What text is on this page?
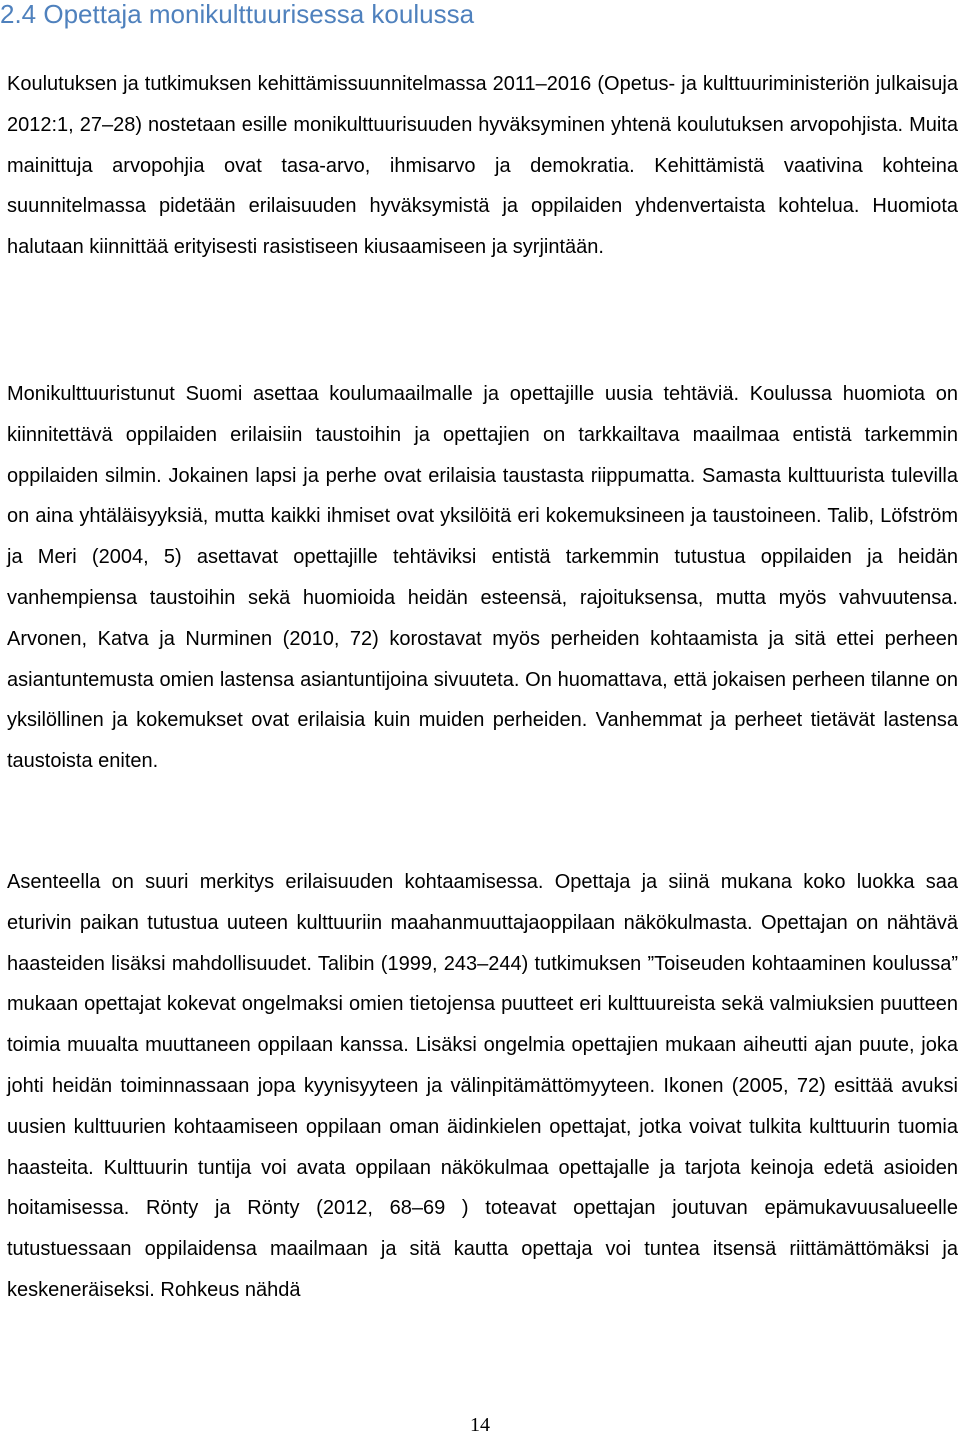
2.4 Opettaja monikulttuurisessa koulussa

Koulutuksen ja tutkimuksen kehittämissuunnitelmassa 2011–2016 (Opetus- ja kulttuuriministeriön julkaisuja 2012:1, 27–28) nostetaan esille monikulttuurisuuden hyväksyminen yhtenä koulutuksen arvopohjista. Muita mainittuja arvopohjia ovat tasa-arvo, ihmisarvo ja demokratia. Kehittämistä vaativina kohteina suunnitelmassa pidetään erilaisuuden hyväksymistä ja oppilaiden yhdenvertaista kohtelua. Huomiota halutaan kiinnittää erityisesti rasistiseen kiusaamiseen ja syrjintään.

Monikulttuuristunut Suomi asettaa koulumaailmalle ja opettajille uusia tehtäviä. Koulussa huomiota on kiinnitettävä oppilaiden erilaisiin taustoihin ja opettajien on tarkkailtava maailmaa entistä tarkemmin oppilaiden silmin. Jokainen lapsi ja perhe ovat erilaisia taustasta riippumatta. Samasta kulttuurista tulevilla on aina yhtäläisyyksiä, mutta kaikki ihmiset ovat yksilöitä eri kokemuksineen ja taustoineen. Talib, Löfström ja Meri (2004, 5) asettavat opettajille tehtäviksi entistä tarkemmin tutustua oppilaiden ja heidän vanhempiensa taustoihin sekä huomioida heidän esteensä, rajoituksensa, mutta myös vahvuutensa. Arvonen, Katva ja Nurminen (2010, 72) korostavat myös perheiden kohtaamista ja sitä ettei perheen asiantuntemusta omien lastensa asiantuntijoina sivuuteta. On huomattava, että jokaisen perheen tilanne on yksilöllinen ja kokemukset ovat erilaisia kuin muiden perheiden. Vanhemmat ja perheet tietävät lastensa taustoista eniten.

Asenteella on suuri merkitys erilaisuuden kohtaamisessa. Opettaja ja siinä mukana koko luokka saa eturivin paikan tutustua uuteen kulttuuriin maahanmuuttajaoppilaan näkökulmasta. Opettajan on nähtävä haasteiden lisäksi mahdollisuudet. Talibin (1999, 243–244) tutkimuksen ”Toiseuden kohtaaminen koulussa” mukaan opettajat kokevat ongelmaksi omien tietojensa puutteet eri kulttuureista sekä valmiuksien puutteen toimia muualta muuttaneen oppilaan kanssa. Lisäksi ongelmia opettajien mukaan aiheutti ajan puute, joka johti heidän toiminnassaan jopa kyynisyyteen ja välinpitämättömyyteen. Ikonen (2005, 72) esittää avuksi uusien kulttuurien kohtaamiseen oppilaan oman äidinkielen opettajat, jotka voivat tulkita kulttuurin tuomia haasteita. Kulttuurin tuntija voi avata oppilaan näkökulmaa opettajalle ja tarjota keinoja edetä asioiden hoitamisessa. Rönty ja Rönty (2012, 68–69 ) toteavat opettajan joutuvan epämukavuusalueelle tutustuessaan oppilaidensa maailmaan ja sitä kautta opettaja voi tuntea itsensä riittämättömäksi ja keskeneräiseksi. Rohkeus nähdä

14
